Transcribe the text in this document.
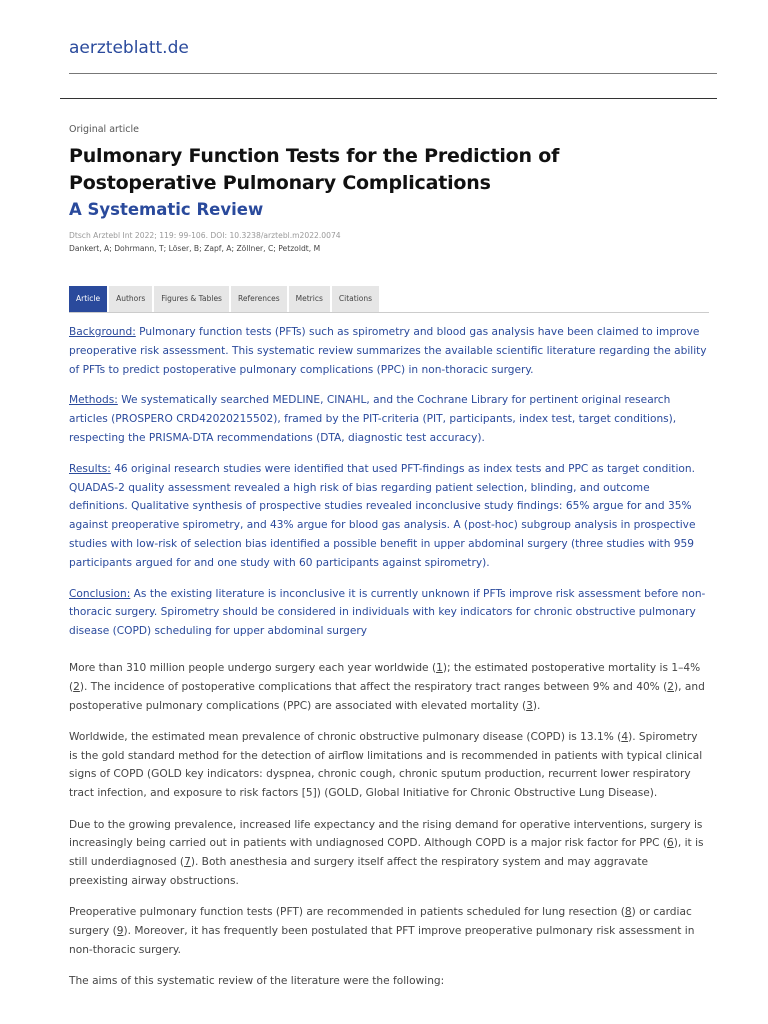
aerzteblatt.de
Original article
Pulmonary Function Tests for the Prediction of Postoperative Pulmonary Complications
A Systematic Review
Dtsch Arztebl Int 2022; 119: 99-106. DOI: 10.3238/arztebl.m2022.0074
Dankert, A; Dohrmann, T; Löser, B; Zapf, A; Zöllner, C; Petzoldt, M
Article	Authors	Figures & Tables	References	Metrics	Citations

Background: Pulmonary function tests (PFTs) such as spirometry and blood gas analysis have been claimed to improve preoperative risk assessment. This systematic review summarizes the available scientific literature regarding the ability of PFTs to predict postoperative pulmonary complications (PPC) in non-thoracic surgery.

Methods: We systematically searched MEDLINE, CINAHL, and the Cochrane Library for pertinent original research articles (PROSPERO CRD42020215502), framed by the PIT-criteria (PIT, participants, index test, target conditions), respecting the PRISMA-DTA recommendations (DTA, diagnostic test accuracy).

Results: 46 original research studies were identified that used PFT-findings as index tests and PPC as target condition. QUADAS-2 quality assessment revealed a high risk of bias regarding patient selection, blinding, and outcome definitions. Qualitative synthesis of prospective studies revealed inconclusive study findings: 65% argue for and 35% against preoperative spirometry, and 43% argue for blood gas analysis. A (post-hoc) subgroup analysis in prospective studies with low-risk of selection bias identified a possible benefit in upper abdominal surgery (three studies with 959 participants argued for and one study with 60 participants against spirometry).

Conclusion: As the existing literature is inconclusive it is currently unknown if PFTs improve risk assessment before non-thoracic surgery. Spirometry should be considered in individuals with key indicators for chronic obstructive pulmonary disease (COPD) scheduling for upper abdominal surgery

More than 310 million people undergo surgery each year worldwide (1); the estimated postoperative mortality is 1–4% (2). The incidence of postoperative complications that affect the respiratory tract ranges between 9% and 40% (2), and postoperative pulmonary complications (PPC) are associated with elevated mortality (3).

Worldwide, the estimated mean prevalence of chronic obstructive pulmonary disease (COPD) is 13.1% (4). Spirometry is the gold standard method for the detection of airflow limitations and is recommended in patients with typical clinical signs of COPD (GOLD key indicators: dyspnea, chronic cough, chronic sputum production, recurrent lower respiratory tract infection, and exposure to risk factors [5]) (GOLD, Global Initiative for Chronic Obstructive Lung Disease).

Due to the growing prevalence, increased life expectancy and the rising demand for operative interventions, surgery is increasingly being carried out in patients with undiagnosed COPD. Although COPD is a major risk factor for PPC (6), it is still underdiagnosed (7). Both anesthesia and surgery itself affect the respiratory system and may aggravate preexisting airway obstructions.

Preoperative pulmonary function tests (PFT) are recommended in patients scheduled for lung resection (8) or cardiac surgery (9). Moreover, it has frequently been postulated that PFT improve preoperative pulmonary risk assessment in non-thoracic surgery.

The aims of this systematic review of the literature were the following:
